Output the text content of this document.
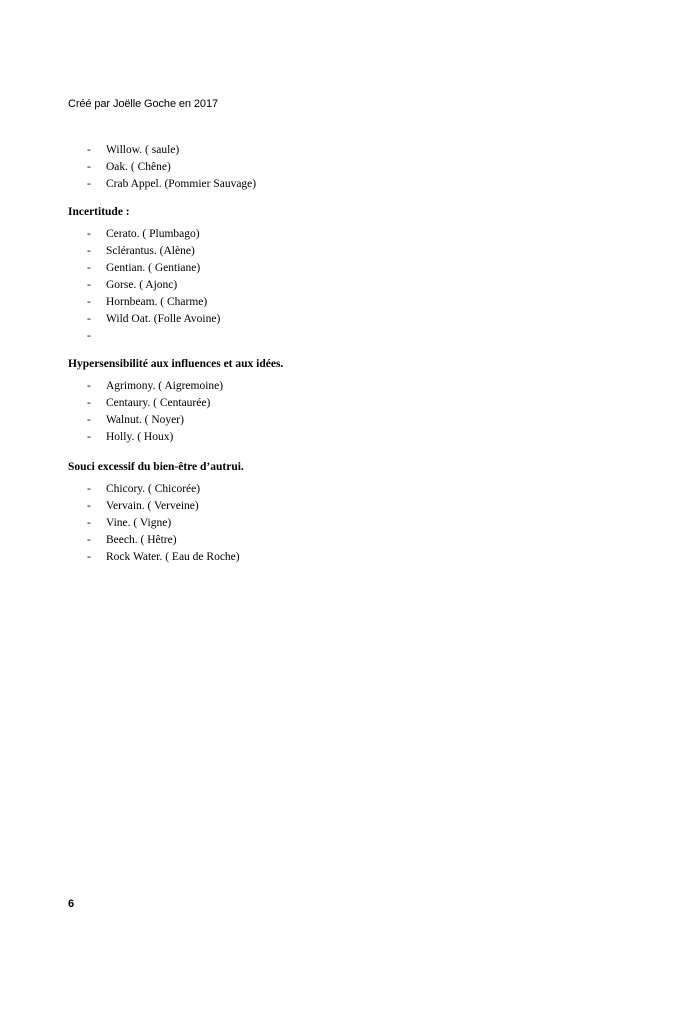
Créé par Joëlle Goche en 2017
- Willow. ( saule)
- Oak. ( Chêne)
- Crab Appel. (Pommier Sauvage)
Incertitude :
- Cerato. ( Plumbago)
- Sclérantus. (Alène)
- Gentian. ( Gentiane)
- Gorse. ( Ajonc)
- Hornbeam. ( Charme)
- Wild Oat. (Folle Avoine)
-
Hypersensibilité aux influences et aux idées.
- Agrimony. ( Aigremoine)
- Centaury. ( Centaurée)
- Walnut. ( Noyer)
- Holly. ( Houx)
Souci excessif du bien-être d’autrui.
- Chicory. ( Chicorée)
- Vervain. ( Verveine)
- Vine. ( Vigne)
- Beech. ( Hêtre)
- Rock Water. ( Eau de Roche)
6
